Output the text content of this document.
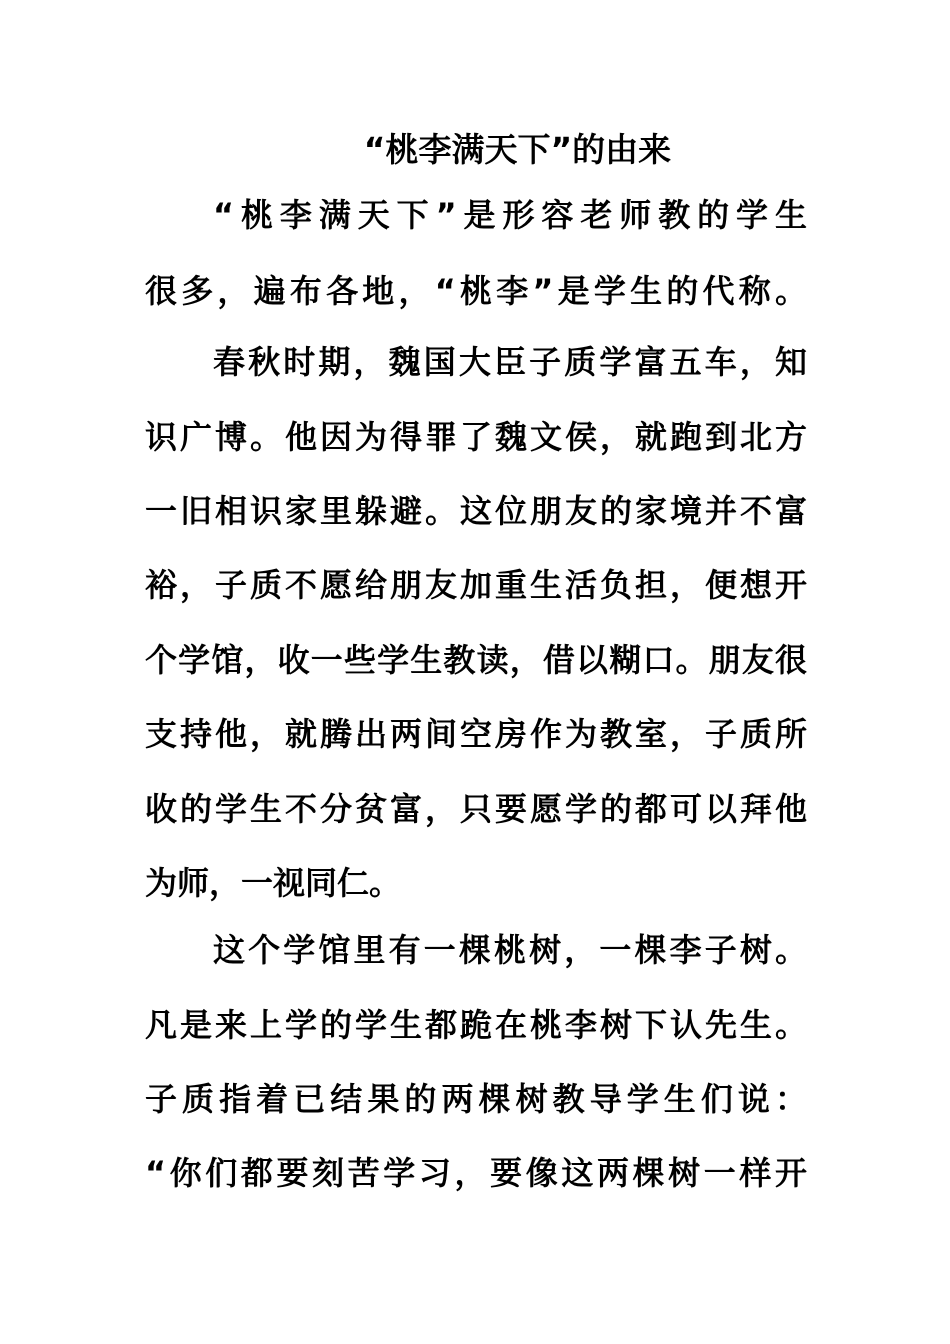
“桃李满天下”的由来
“桃李满天下”是形容老师教的学生
很多，遍布各地，“桃李”是学生的代称。
春秋时期，魏国大臣子质学富五车，知
识广博。他因为得罪了魏文侯，就跑到北方
一旧相识家里躲避。这位朋友的家境并不富
裕，子质不愿给朋友加重生活负担，便想开
个学馆，收一些学生教读，借以糊口。朋友很
支持他，就腾出两间空房作为教室，子质所
收的学生不分贫富，只要愿学的都可以拜他
为师，一视同仁。
这个学馆里有一棵桃树，一棵李子树。
凡是来上学的学生都跪在桃李树下认先生。
子质指着已结果的两棵树教导学生们说：
“你们都要刻苦学习，要像这两棵树一样开
